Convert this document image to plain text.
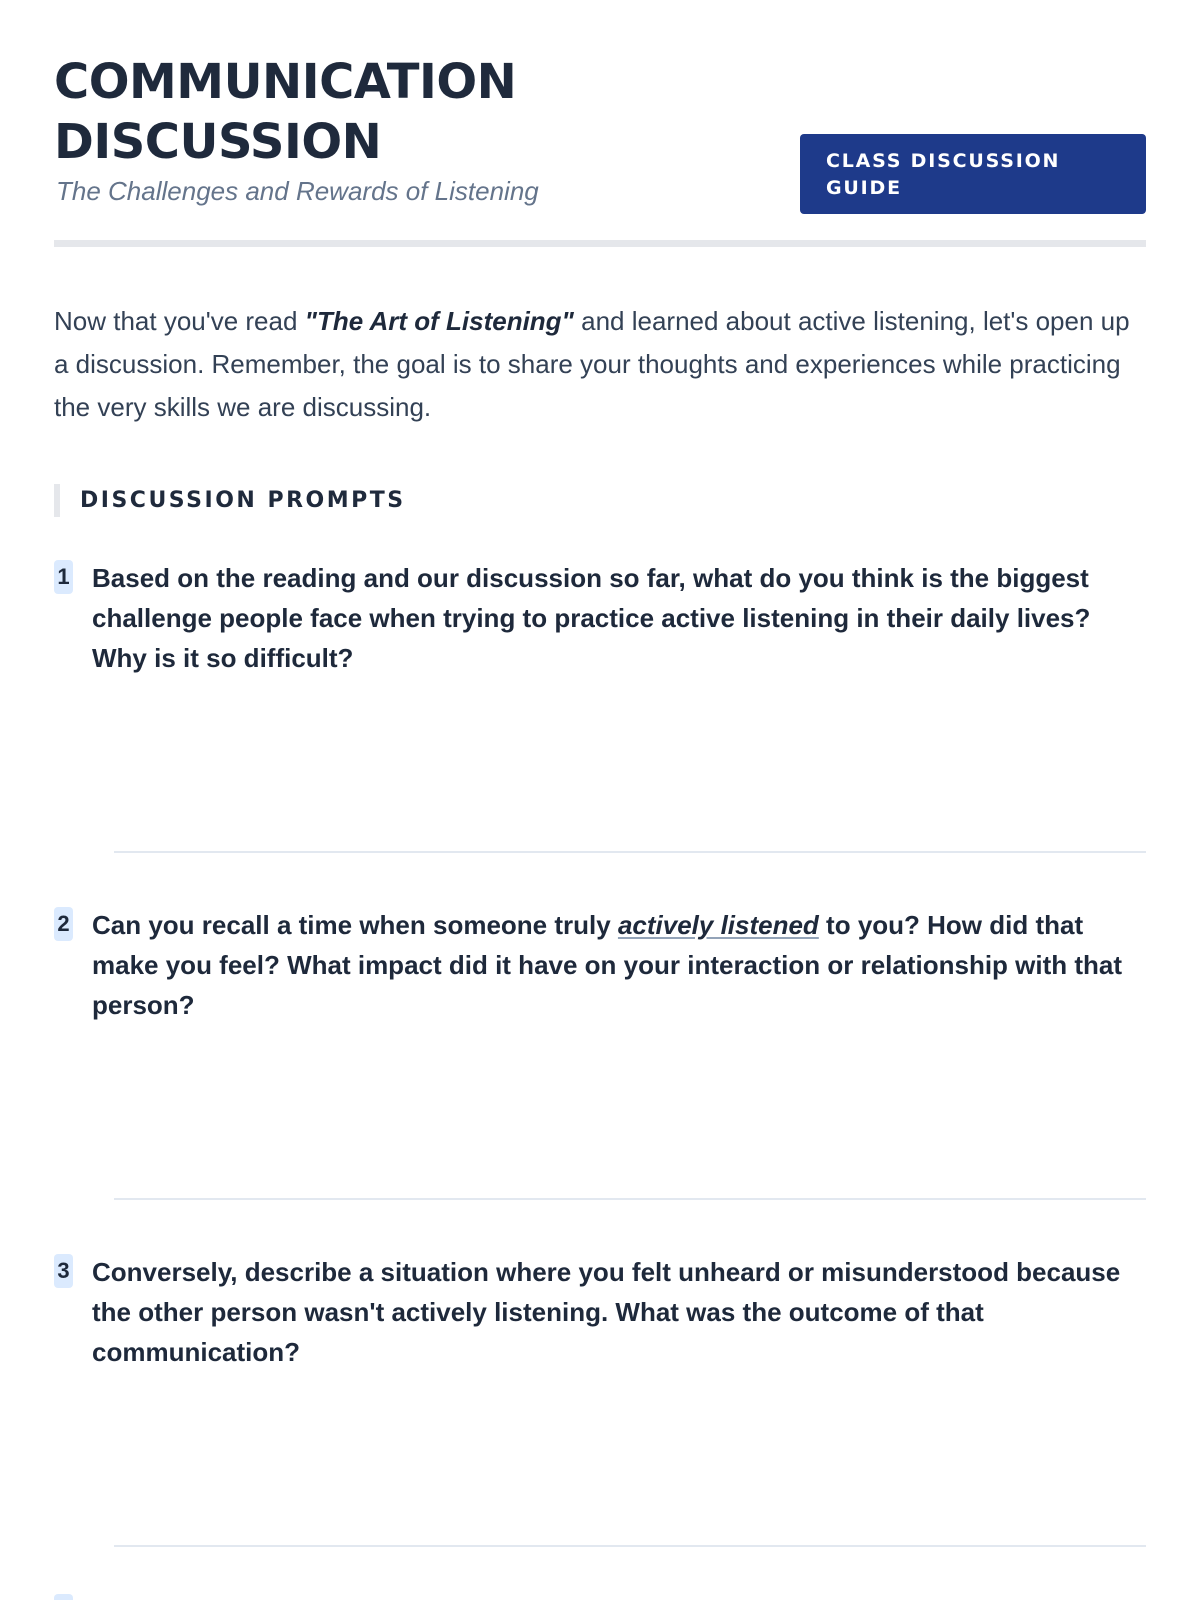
COMMUNICATION DISCUSSION
The Challenges and Rewards of Listening
CLASS DISCUSSION GUIDE

Now that you've read "The Art of Listening" and learned about active listening, let's open up a discussion. Remember, the goal is to share your thoughts and experiences while practicing the very skills we are discussing.

DISCUSSION PROMPTS
1 Based on the reading and our discussion so far, what do you think is the biggest challenge people face when trying to practice active listening in their daily lives? Why is it so difficult?

2 Can you recall a time when someone truly actively listened to you? How did that make you feel? What impact did it have on your interaction or relationship with that person?

3 Conversely, describe a situation where you felt unheard or misunderstood because the other person wasn't actively listening. What was the outcome of that communication?
